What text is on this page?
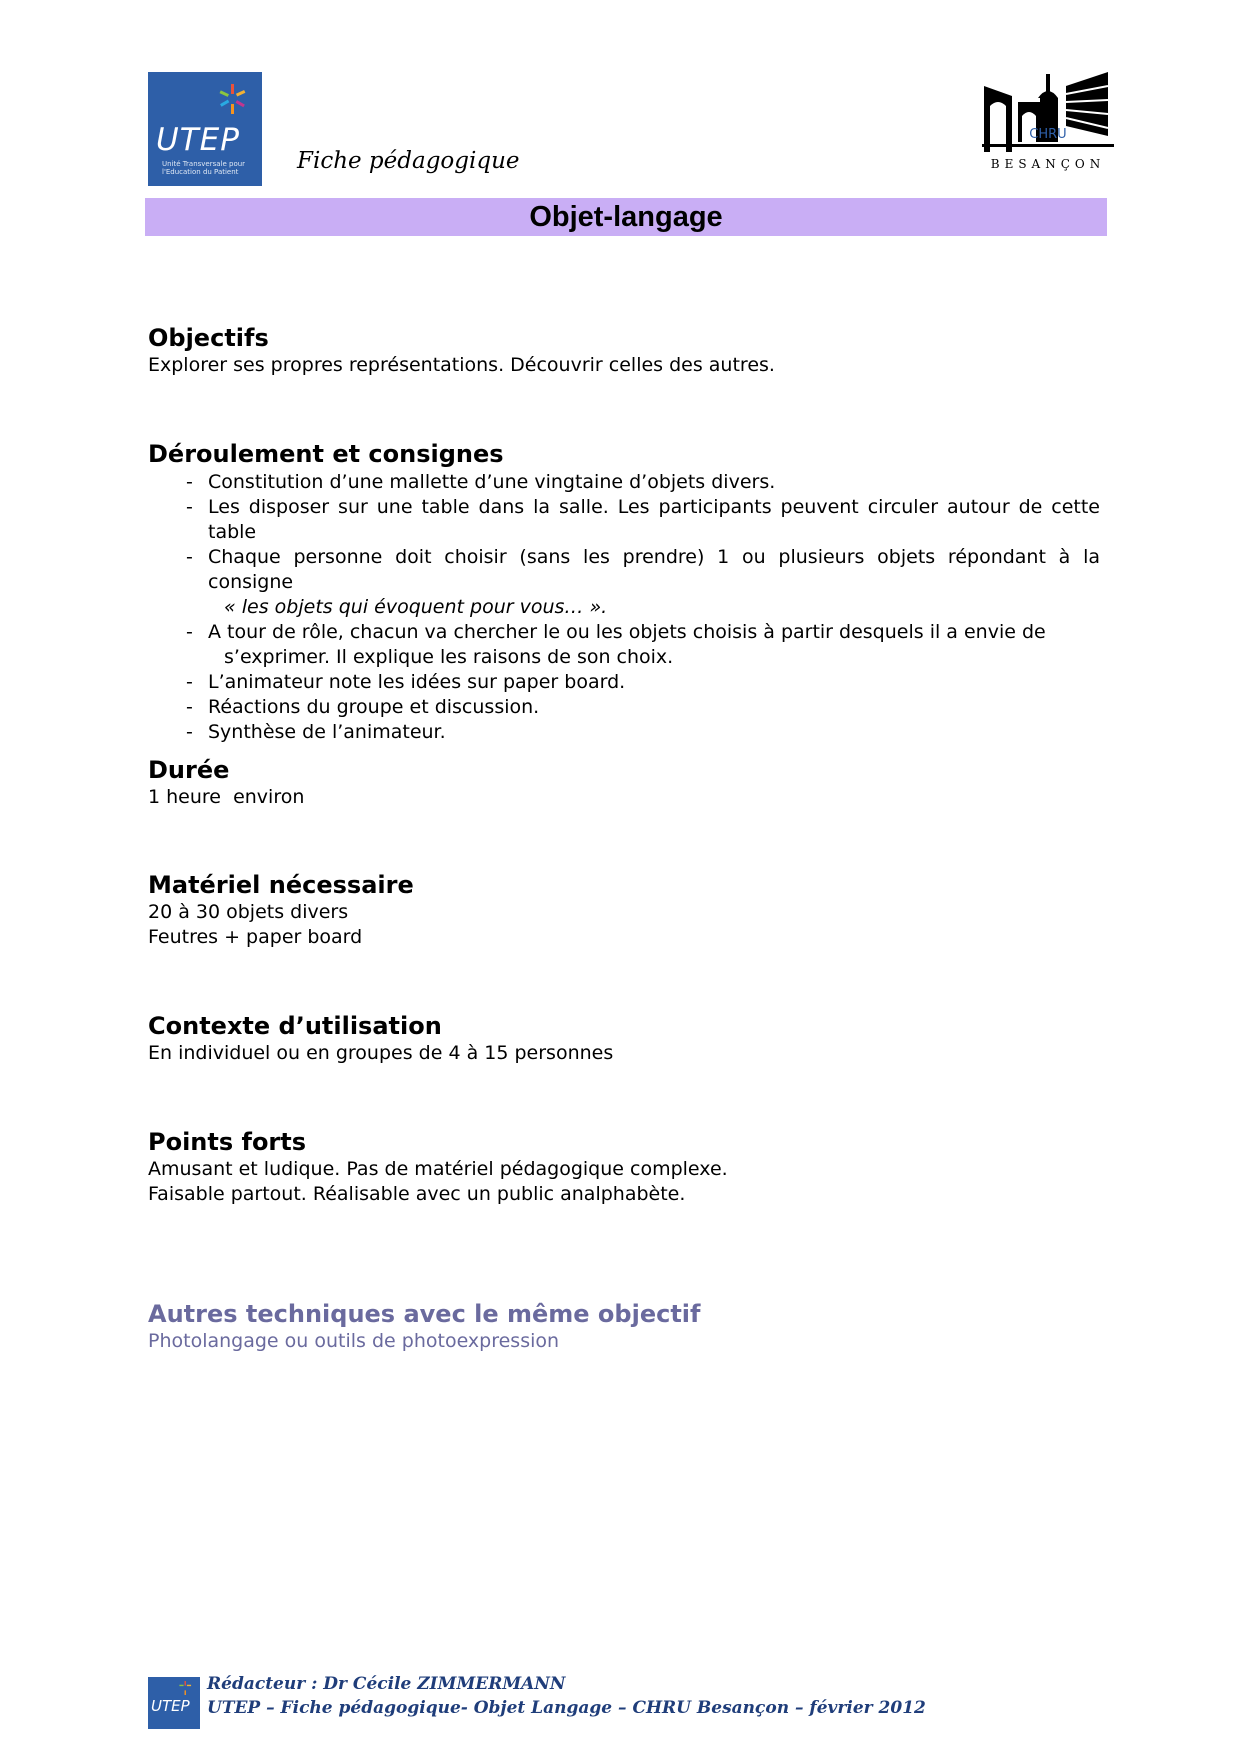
UTEP
Unité Transversale pour l'Education du Patient	Fiche pédagogique
CHRU
BESANÇON
Objet-langage
Objectifs
Explorer ses propres représentations. Découvrir celles des autres.
Déroulement et consignes
- Constitution d’une mallette d’une vingtaine d’objets divers.
- Les disposer sur une table dans la salle. Les participants peuvent circuler autour de cette table
- Chaque personne doit choisir (sans les prendre) 1 ou plusieurs objets répondant à la consigne
« les objets qui évoquent pour vous… ».
- A tour de rôle, chacun va chercher le ou les objets choisis à partir desquels il a envie de
s’exprimer. Il explique les raisons de son choix.
- L’animateur note les idées sur paper board.
- Réactions du groupe et discussion.
- Synthèse de l’animateur.
Durée
1 heure  environ
Matériel nécessaire
20 à 30 objets divers
Feutres + paper board
Contexte d’utilisation
En individuel ou en groupes de 4 à 15 personnes
Points forts
Amusant et ludique. Pas de matériel pédagogique complexe.
Faisable partout. Réalisable avec un public analphabète.
Autres techniques avec le même objectif
Photolangage ou outils de photoexpression
UTEP
Rédacteur : Dr Cécile ZIMMERMANN
UTEP – Fiche pédagogique- Objet Langage – CHRU Besançon – février 2012
